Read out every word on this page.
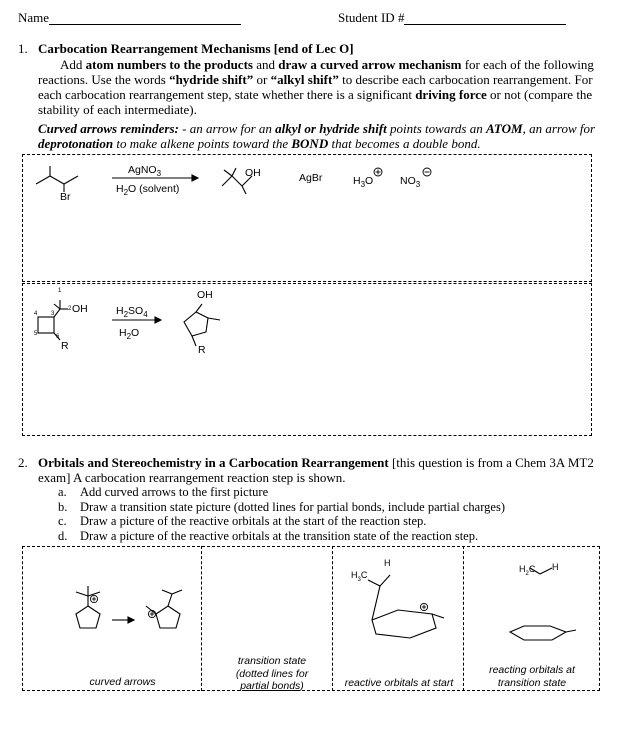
Name	Student ID #
1. Carbocation Rearrangement Mechanisms [end of Lec O]
Add atom numbers to the products and draw a curved arrow mechanism for each of the following reactions. Use the words “hydride shift” or “alkyl shift” to describe each carbocation rearrangement. For each carbocation rearrangement step, state whether there is a significant driving force or not (compare the stability of each intermediate).
Curved arrows reminders: - an arrow for an alkyl or hydride shift points towards an ATOM, an arrow for deprotonation to make alkene points toward the BOND that becomes a double bond.
Br
AgNO$_3$
$H_2O$ (solvent)
OH	AgBr	$H_3O$	$NO_3$
1
2
3
4
5	6
OH
R
$H_2SO_4$
$H_2O$
OH
R
2. Orbitals and Stereochemistry in a Carbocation Rearrangement [this question is from a Chem 3A MT2 exam] A carbocation rearrangement reaction step is shown.
a. Add curved arrows to the first picture
b. Draw a transition state picture (dotted lines for partial bonds, include partial charges)
c. Draw a picture of the reactive orbitals at the start of the reaction step.
d. Draw a picture of the reactive orbitals at the transition state of the reaction step.
$H_3C$
H
$H_2C$ H
curved arrows
transition state
(dotted lines for
partial bonds)	reactive orbitals at start
reacting orbitals at
transition state
